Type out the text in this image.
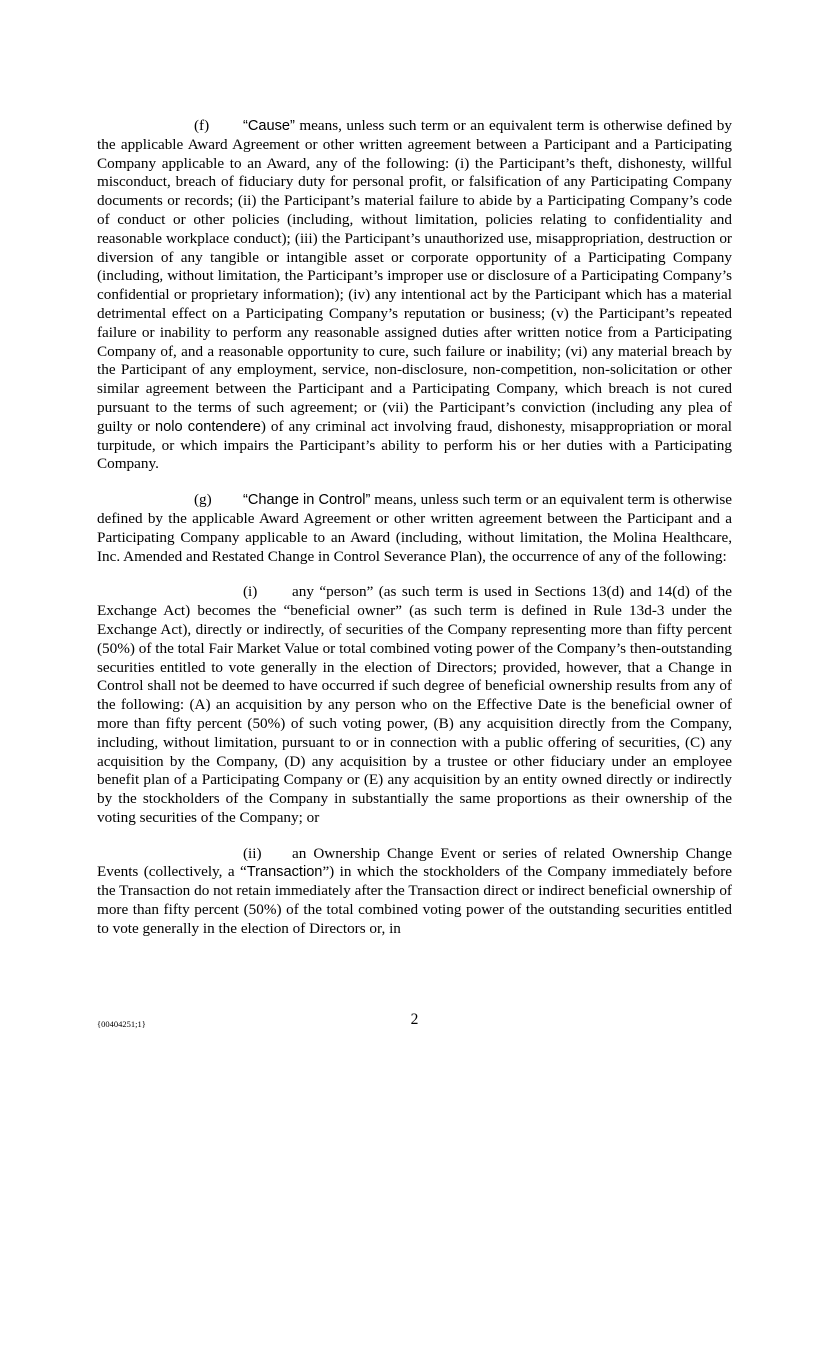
(f) “Cause” means, unless such term or an equivalent term is otherwise defined by the applicable Award Agreement or other written agreement between a Participant and a Participating Company applicable to an Award, any of the following: (i) the Participant’s theft, dishonesty, willful misconduct, breach of fiduciary duty for personal profit, or falsification of any Participating Company documents or records; (ii) the Participant’s material failure to abide by a Participating Company’s code of conduct or other policies (including, without limitation, policies relating to confidentiality and reasonable workplace conduct); (iii) the Participant’s unauthorized use, misappropriation, destruction or diversion of any tangible or intangible asset or corporate opportunity of a Participating Company (including, without limitation, the Participant’s improper use or disclosure of a Participating Company’s confidential or proprietary information); (iv) any intentional act by the Participant which has a material detrimental effect on a Participating Company’s reputation or business; (v) the Participant’s repeated failure or inability to perform any reasonable assigned duties after written notice from a Participating Company of, and a reasonable opportunity to cure, such failure or inability; (vi) any material breach by the Participant of any employment, service, non-disclosure, non-competition, non-solicitation or other similar agreement between the Participant and a Participating Company, which breach is not cured pursuant to the terms of such agreement; or (vii) the Participant’s conviction (including any plea of guilty or nolo contendere) of any criminal act involving fraud, dishonesty, misappropriation or moral turpitude, or which impairs the Participant’s ability to perform his or her duties with a Participating Company.

(g) “Change in Control” means, unless such term or an equivalent term is otherwise defined by the applicable Award Agreement or other written agreement between the Participant and a Participating Company applicable to an Award (including, without limitation, the Molina Healthcare, Inc. Amended and Restated Change in Control Severance Plan), the occurrence of any of the following:

(i) any “person” (as such term is used in Sections 13(d) and 14(d) of the Exchange Act) becomes the “beneficial owner” (as such term is defined in Rule 13d-3 under the Exchange Act), directly or indirectly, of securities of the Company representing more than fifty percent (50%) of the total Fair Market Value or total combined voting power of the Company’s then-outstanding securities entitled to vote generally in the election of Directors; provided, however, that a Change in Control shall not be deemed to have occurred if such degree of beneficial ownership results from any of the following: (A) an acquisition by any person who on the Effective Date is the beneficial owner of more than fifty percent (50%) of such voting power, (B) any acquisition directly from the Company, including, without limitation, pursuant to or in connection with a public offering of securities, (C) any acquisition by the Company, (D) any acquisition by a trustee or other fiduciary under an employee benefit plan of a Participating Company or (E) any acquisition by an entity owned directly or indirectly by the stockholders of the Company in substantially the same proportions as their ownership of the voting securities of the Company; or

(ii) an Ownership Change Event or series of related Ownership Change Events (collectively, a “Transaction”) in which the stockholders of the Company immediately before the Transaction do not retain immediately after the Transaction direct or indirect beneficial ownership of more than fifty percent (50%) of the total combined voting power of the outstanding securities entitled to vote generally in the election of Directors or, in

{00404251;1}	2
